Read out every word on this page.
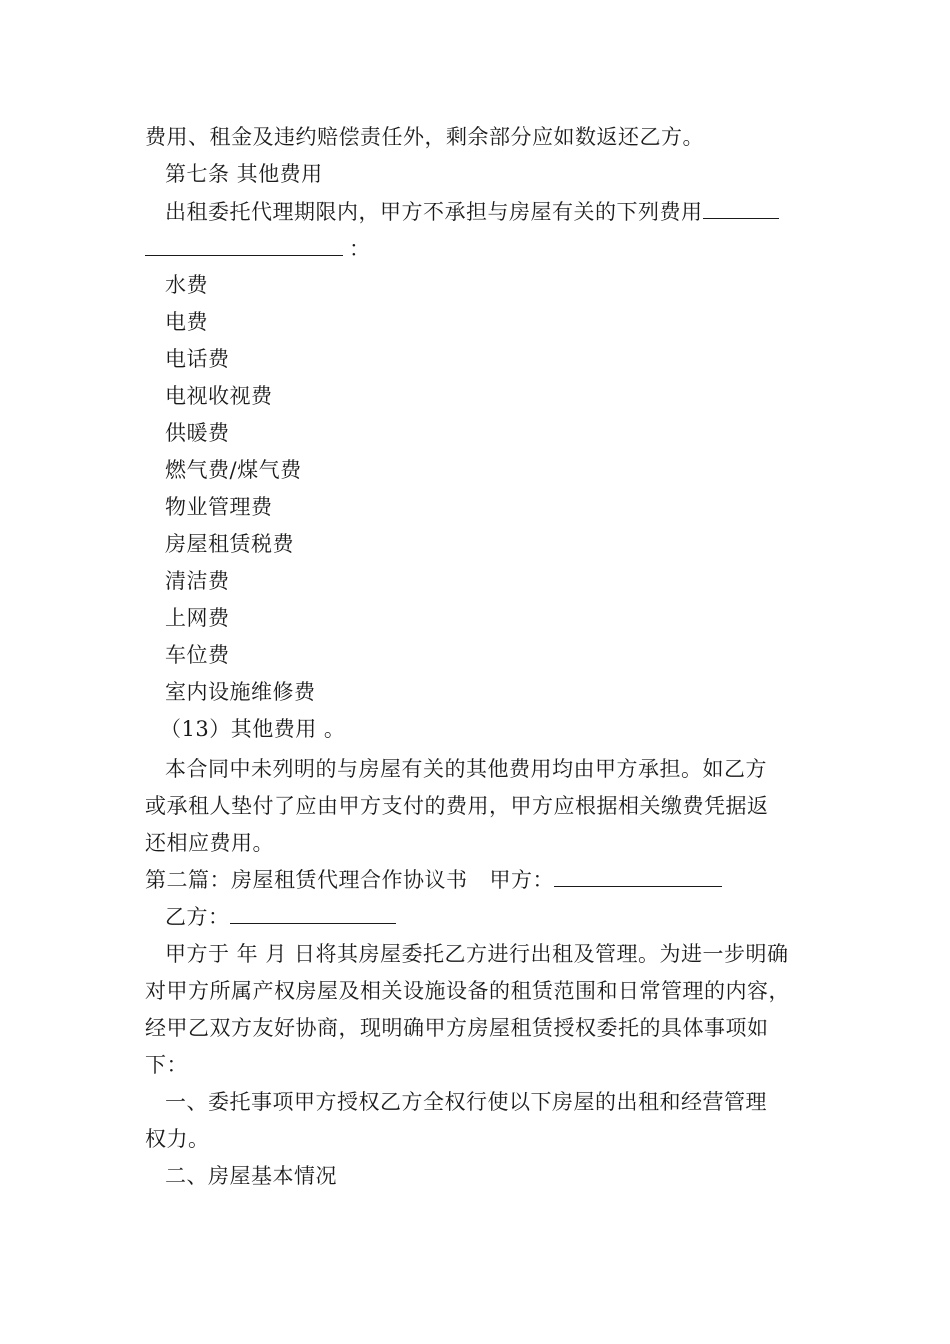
费用、租金及违约赔偿责任外，剩余部分应如数返还乙方。
第七条 其他费用
出租委托代理期限内，甲方不承担与房屋有关的下列费用
：
水费
电费
电话费
电视收视费
供暖费
燃气费/煤气费
物业管理费
房屋租赁税费
清洁费
上网费
车位费
室内设施维修费
（13）其他费用 。
本合同中未列明的与房屋有关的其他费用均由甲方承担。如乙方
或承租人垫付了应由甲方支付的费用，甲方应根据相关缴费凭据返
还相应费用。
第二篇：房屋租赁代理合作协议书 甲方：
乙方：
甲方于 年 月 日将其房屋委托乙方进行出租及管理。为进一步明确
对甲方所属产权房屋及相关设施设备的租赁范围和日常管理的内容，
经甲乙双方友好协商，现明确甲方房屋租赁授权委托的具体事项如
下：
一、委托事项甲方授权乙方全权行使以下房屋的出租和经营管理
权力。
二、房屋基本情况
